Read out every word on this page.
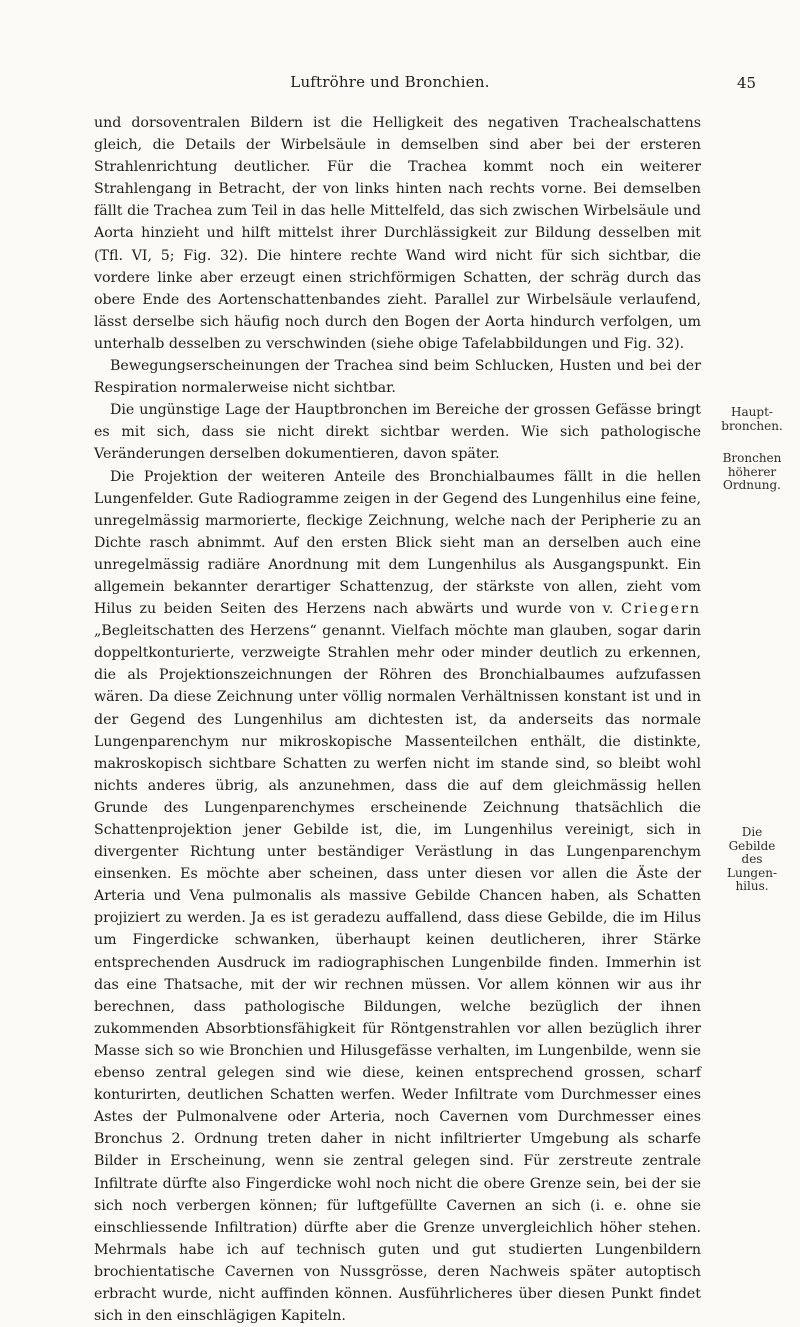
Luftröhre und Bronchien.	45

und dorsoventralen Bildern ist die Helligkeit des negativen Trachealschattens gleich, die Details der Wirbelsäule in demselben sind aber bei der ersteren Strahlenrichtung deutlicher. Für die Trachea kommt noch ein weiterer Strahlengang in Betracht, der von links hinten nach rechts vorne. Bei demselben fällt die Trachea zum Teil in das helle Mittelfeld, das sich zwischen Wirbelsäule und Aorta hinzieht und hilft mittelst ihrer Durchlässigkeit zur Bildung desselben mit (Tfl. VI, 5; Fig. 32). Die hintere rechte Wand wird nicht für sich sichtbar, die vordere linke aber erzeugt einen strichförmigen Schatten, der schräg durch das obere Ende des Aortenschattenbandes zieht. Parallel zur Wirbelsäule verlaufend, lässt derselbe sich häufig noch durch den Bogen der Aorta hindurch verfolgen, um unterhalb desselben zu verschwinden (siehe obige Tafelabbildungen und Fig. 32).

Bewegungserscheinungen der Trachea sind beim Schlucken, Husten und bei der Respiration normalerweise nicht sichtbar.

Die ungünstige Lage der Hauptbronchen im Bereiche der grossen Gefässe bringt es mit sich, dass sie nicht direkt sichtbar werden. Wie sich pathologische Veränderungen derselben dokumentieren, davon später.

Die Projektion der weiteren Anteile des Bronchialbaumes fällt in die hellen Lungenfelder. Gute Radiogramme zeigen in der Gegend des Lungenhilus eine feine, unregelmässig marmorierte, fleckige Zeichnung, welche nach der Peripherie zu an Dichte rasch abnimmt. Auf den ersten Blick sieht man an derselben auch eine unregelmässig radiäre Anordnung mit dem Lungenhilus als Ausgangspunkt. Ein allgemein bekannter derartiger Schattenzug, der stärkste von allen, zieht vom Hilus zu beiden Seiten des Herzens nach abwärts und wurde von v. Criegern „Begleitschatten des Herzens“ genannt. Vielfach möchte man glauben, sogar darin doppeltkonturierte, verzweigte Strahlen mehr oder minder deutlich zu erkennen, die als Projektionszeichnungen der Röhren des Bronchialbaumes aufzufassen wären. Da diese Zeichnung unter völlig normalen Verhältnissen konstant ist und in der Gegend des Lungenhilus am dichtesten ist, da anderseits das normale Lungenparenchym nur mikroskopische Massenteilchen enthält, die distinkte, makroskopisch sichtbare Schatten zu werfen nicht im stande sind, so bleibt wohl nichts anderes übrig, als anzunehmen, dass die auf dem gleichmässig hellen Grunde des Lungenparenchymes erscheinende Zeichnung thatsächlich die Schattenprojektion jener Gebilde ist, die, im Lungenhilus vereinigt, sich in divergenter Richtung unter beständiger Verästlung in das Lungenparenchym einsenken. Es möchte aber scheinen, dass unter diesen vor allen die Äste der Arteria und Vena pulmonalis als massive Gebilde Chancen haben, als Schatten projiziert zu werden. Ja es ist geradezu auffallend, dass diese Gebilde, die im Hilus um Fingerdicke schwanken, überhaupt keinen deutlicheren, ihrer Stärke entsprechenden Ausdruck im radiographischen Lungenbilde finden. Immerhin ist das eine Thatsache, mit der wir rechnen müssen. Vor allem können wir aus ihr berechnen, dass pathologische Bildungen, welche bezüglich der ihnen zukommenden Absorbtionsfähigkeit für Röntgenstrahlen vor allen bezüglich ihrer Masse sich so wie Bronchien und Hilusgefässe verhalten, im Lungenbilde, wenn sie ebenso zentral gelegen sind wie diese, keinen entsprechend grossen, scharf konturirten, deutlichen Schatten werfen. Weder Infiltrate vom Durchmesser eines Astes der Pulmonalvene oder Arteria, noch Cavernen vom Durchmesser eines Bronchus 2. Ordnung treten daher in nicht infiltrierter Umgebung als scharfe Bilder in Erscheinung, wenn sie zentral gelegen sind. Für zerstreute zentrale Infiltrate dürfte also Fingerdicke wohl noch nicht die obere Grenze sein, bei der sie sich noch verbergen können; für luftgefüllte Cavernen an sich (i. e. ohne sie einschliessende Infiltration) dürfte aber die Grenze unvergleichlich höher stehen. Mehrmals habe ich auf technisch guten und gut studierten Lungenbildern brochientatische Cavernen von Nussgrösse, deren Nachweis später autoptisch erbracht wurde, nicht auffinden können. Ausführlicheres über diesen Punkt findet sich in den einschlägigen Kapiteln.

Haupt-
bronchen.
Bronchen
höherer
Ordnung.
Die
Gebilde
des
Lungen-
hilus.
